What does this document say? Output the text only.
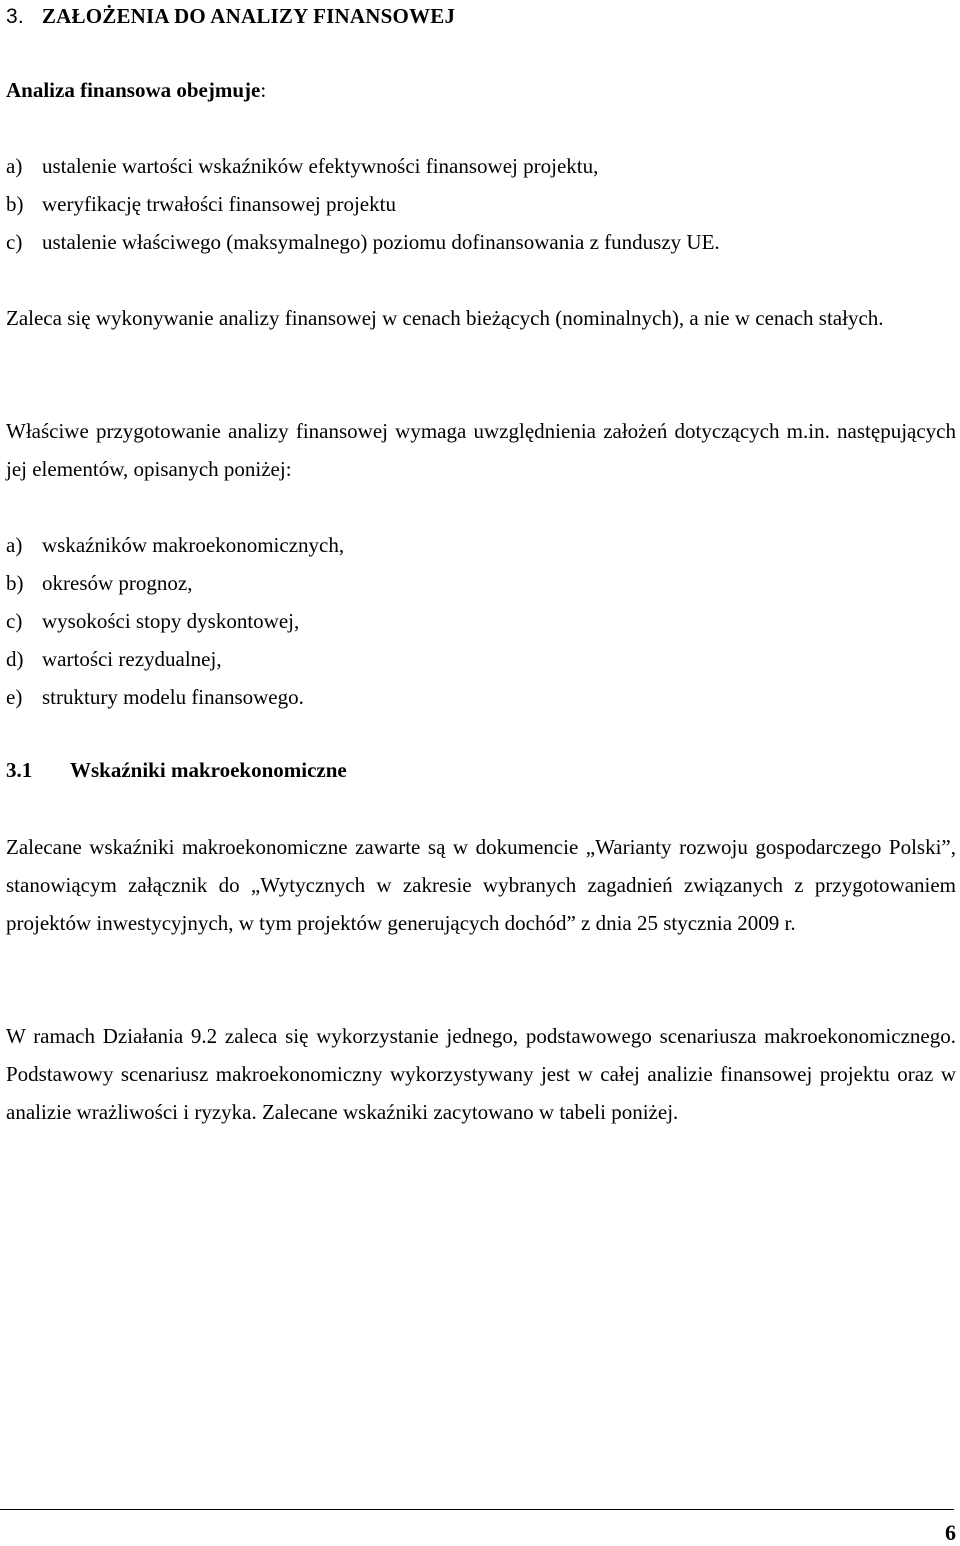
3. ZAŁOŻENIA DO ANALIZY FINANSOWEJ
Analiza finansowa obejmuje:
a) ustalenie wartości wskaźników efektywności finansowej projektu,
b) weryfikację trwałości finansowej projektu
c) ustalenie właściwego (maksymalnego) poziomu dofinansowania z funduszy UE.
Zaleca się wykonywanie analizy finansowej w cenach bieżących (nominalnych), a nie w cenach stałych.
Właściwe przygotowanie analizy finansowej wymaga uwzględnienia założeń dotyczących m.in. następujących jej elementów, opisanych poniżej:
a) wskaźników makroekonomicznych,
b) okresów prognoz,
c) wysokości stopy dyskontowej,
d) wartości rezydualnej,
e) struktury modelu finansowego.
3.1 Wskaźniki makroekonomiczne
Zalecane wskaźniki makroekonomiczne zawarte są w dokumencie „Warianty rozwoju gospodarczego Polski”, stanowiącym załącznik do „Wytycznych w zakresie wybranych zagadnień związanych z przygotowaniem projektów inwestycyjnych, w tym projektów generujących dochód” z dnia 25 stycznia 2009 r.
W ramach Działania 9.2 zaleca się wykorzystanie jednego, podstawowego scenariusza makroekonomicznego. Podstawowy scenariusz makroekonomiczny wykorzystywany jest w całej analizie finansowej projektu oraz w analizie wrażliwości i ryzyka. Zalecane wskaźniki zacytowano w tabeli poniżej.
6
